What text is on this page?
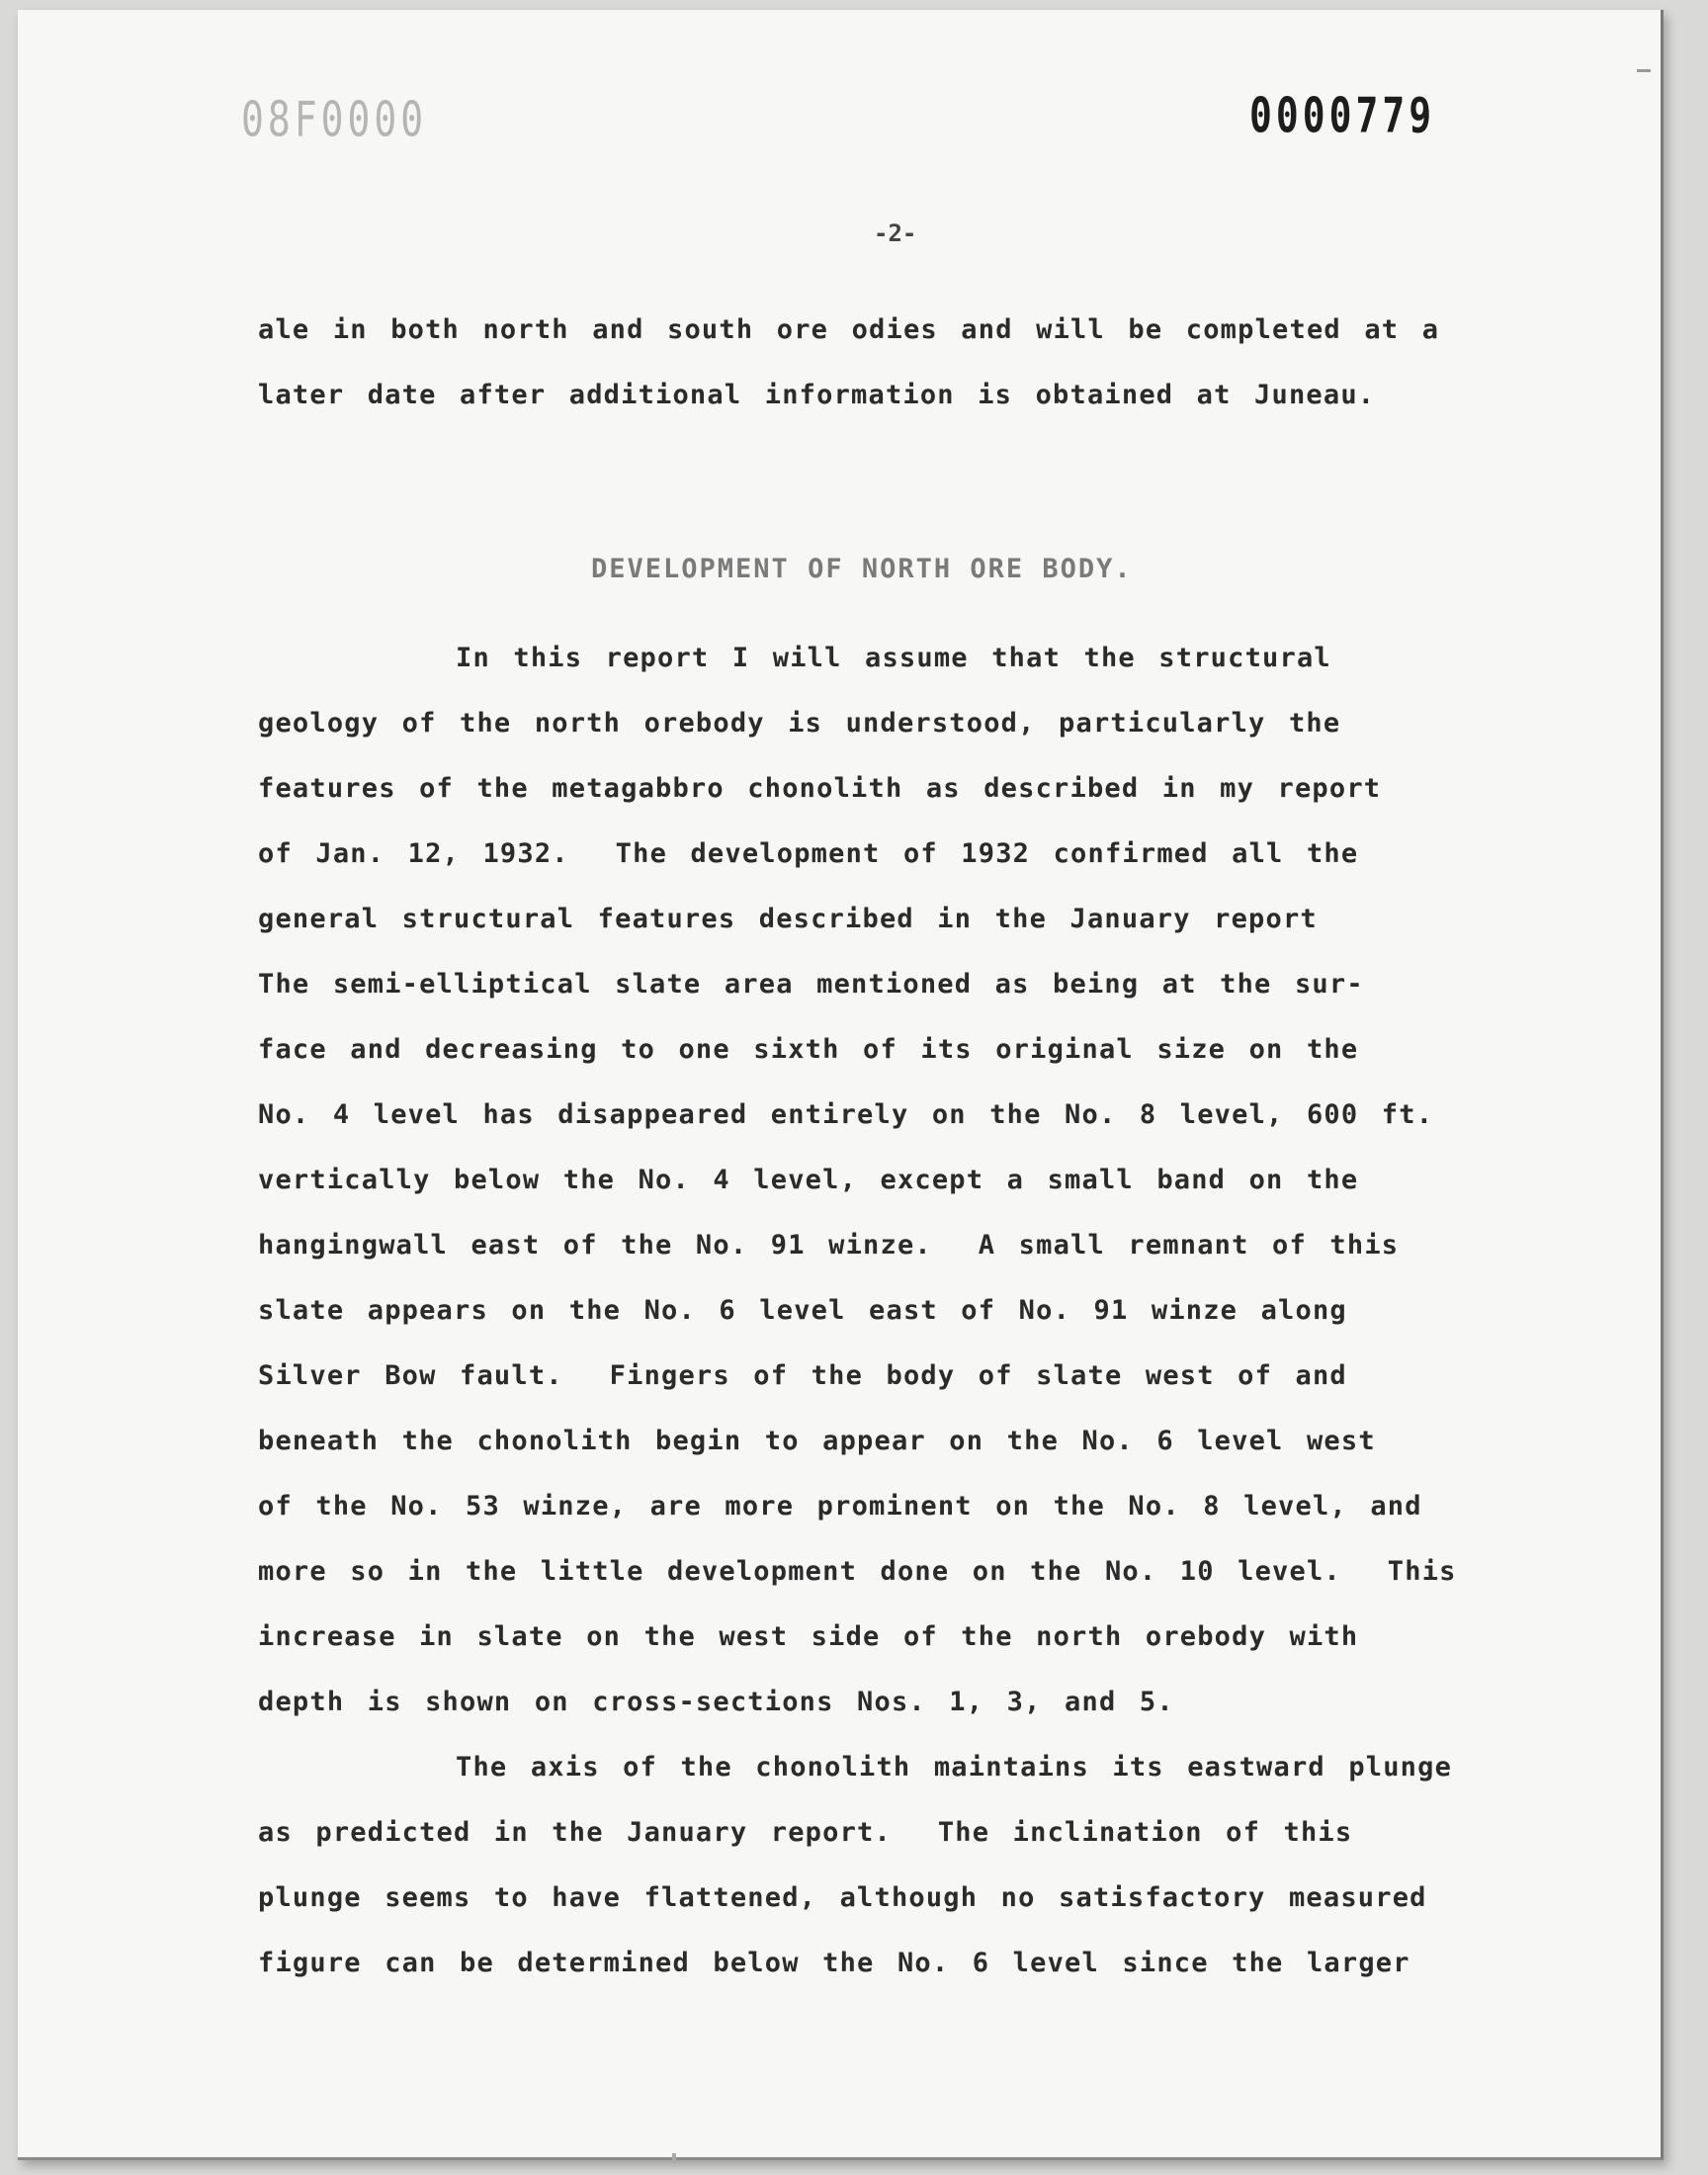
08F0000	0000779
-2-
ale in both north and south ore odies and will be completed at a
later date after additional information is obtained at Juneau.
DEVELOPMENT OF NORTH ORE BODY.
In this report I will assume that the structural
geology of the north orebody is understood, particularly the
features of the metagabbro chonolith as described in my report
of Jan. 12, 1932.  The development of 1932 confirmed all the
general structural features described in the January report
The semi-elliptical slate area mentioned as being at the sur-
face and decreasing to one sixth of its original size on the
No. 4 level has disappeared entirely on the No. 8 level, 600 ft.
vertically below the No. 4 level, except a small band on the
hangingwall east of the No. 91 winze.  A small remnant of this
slate appears on the No. 6 level east of No. 91 winze along
Silver Bow fault.  Fingers of the body of slate west of and
beneath the chonolith begin to appear on the No. 6 level west
of the No. 53 winze, are more prominent on the No. 8 level, and
more so in the little development done on the No. 10 level.  This
increase in slate on the west side of the north orebody with
depth is shown on cross-sections Nos. 1, 3, and 5.
The axis of the chonolith maintains its eastward plunge
as predicted in the January report.  The inclination of this
plunge seems to have flattened, although no satisfactory measured
figure can be determined below the No. 6 level since the larger
